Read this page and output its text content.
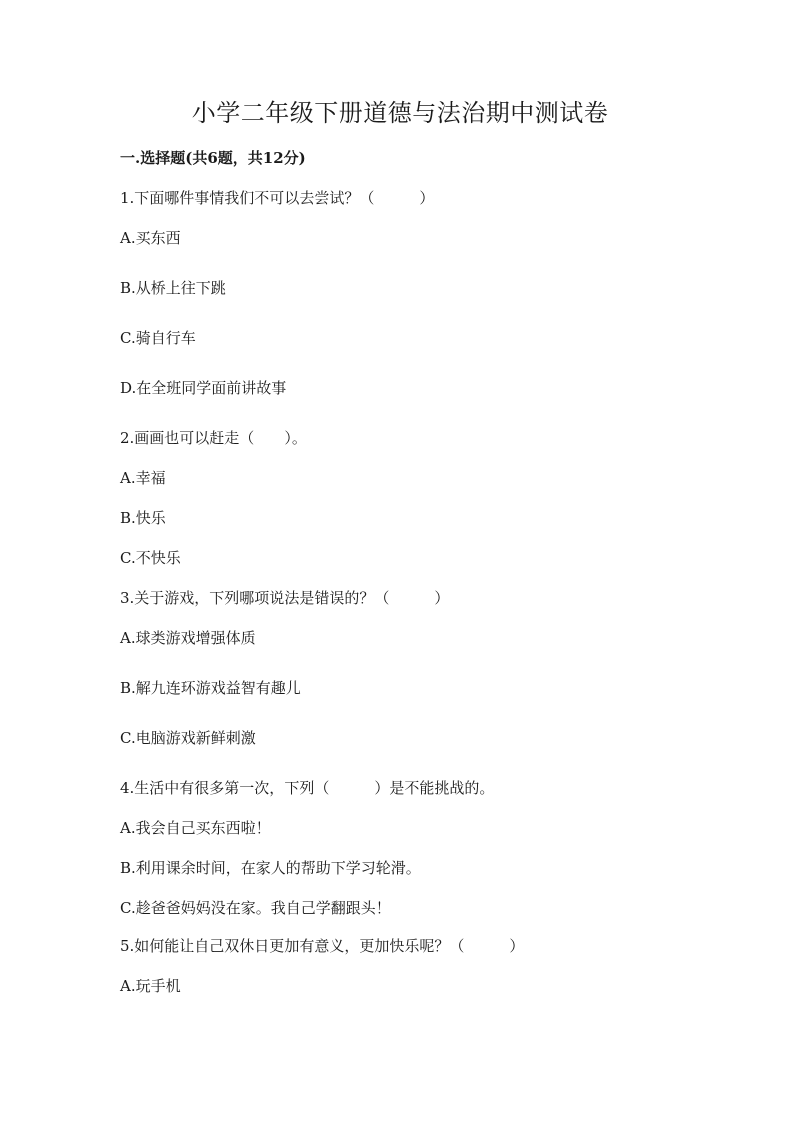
小学二年级下册道德与法治期中测试卷
一.选择题(共6题，共12分)
1.下面哪件事情我们不可以去尝试？（　　　）
A.买东西
B.从桥上往下跳
C.骑自行车
D.在全班同学面前讲故事
2.画画也可以赶走（　　）。
A.幸福
B.快乐
C.不快乐
3.关于游戏，下列哪项说法是错误的？（　　　）
A.球类游戏增强体质
B.解九连环游戏益智有趣儿
C.电脑游戏新鲜刺激
4.生活中有很多第一次，下列（　　　）是不能挑战的。
A.我会自己买东西啦！
B.利用课余时间，在家人的帮助下学习轮滑。
C.趁爸爸妈妈没在家。我自己学翻跟头！
5.如何能让自己双休日更加有意义，更加快乐呢？（　　　）
A.玩手机
